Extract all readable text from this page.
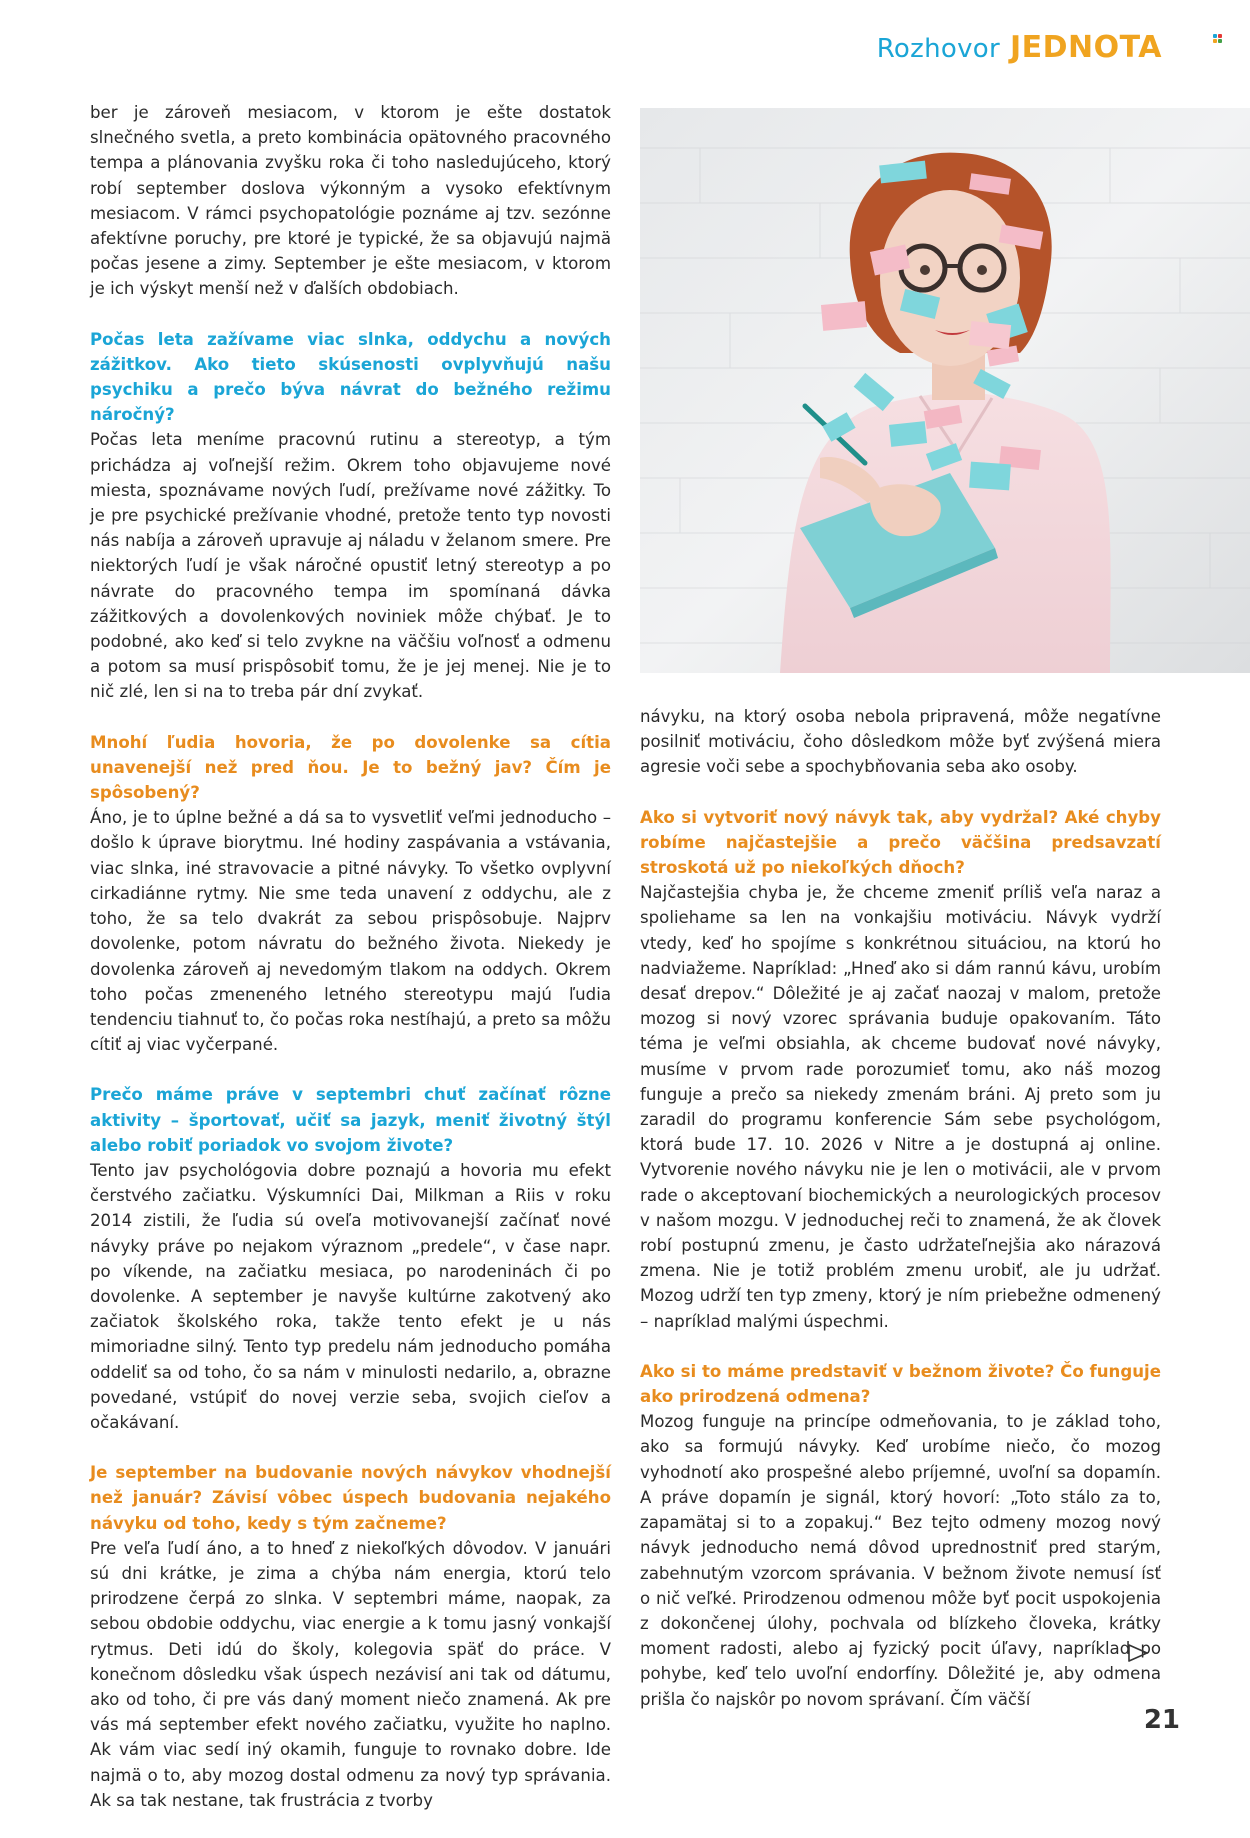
Rozhovor JEDNOTA

ber je zároveň mesiacom, v ktorom je ešte dostatok slnečného svetla, a preto kombinácia opätovného pracovného tempa a plánovania zvyšku roka či toho nasledujúceho, ktorý robí september doslova výkonným a vysoko efektívnym mesiacom. V rámci psychopatológie poznáme aj tzv. sezónne afektívne poruchy, pre ktoré je typické, že sa objavujú najmä počas jesene a zimy. September je ešte mesiacom, v ktorom je ich výskyt menší než v ďalších obdobiach.

Počas leta zažívame viac slnka, oddychu a nových zážitkov. Ako tieto skúsenosti ovplyvňujú našu psychiku a prečo býva návrat do bežného režimu náročný?

Počas leta meníme pracovnú rutinu a stereotyp, a tým prichádza aj voľnejší režim. Okrem toho objavujeme nové miesta, spoznávame nových ľudí, prežívame nové zážitky. To je pre psychické prežívanie vhodné, pretože tento typ novosti nás nabíja a zároveň upravuje aj náladu v želanom smere. Pre niektorých ľudí je však náročné opustiť letný stereotyp a po návrate do pracovného tempa im spomínaná dávka zážitkových a dovolenkových noviniek môže chýbať. Je to podobné, ako keď si telo zvykne na väčšiu voľnosť a odmenu a potom sa musí prispôsobiť tomu, že je jej menej. Nie je to nič zlé, len si na to treba pár dní zvykať.

Mnohí ľudia hovoria, že po dovolenke sa cítia unavenejší než pred ňou. Je to bežný jav? Čím je spôsobený?

Áno, je to úplne bežné a dá sa to vysvetliť veľmi jednoducho – došlo k úprave biorytmu. Iné hodiny zaspávania a vstávania, viac slnka, iné stravovacie a pitné návyky. To všetko ovplyvní cirkadiánne rytmy. Nie sme teda unavení z oddychu, ale z toho, že sa telo dvakrát za sebou prispôsobuje. Najprv dovolenke, potom návratu do bežného života. Niekedy je dovolenka zároveň aj nevedomým tlakom na oddych. Okrem toho počas zmeneného letného stereotypu majú ľudia tendenciu tiahnuť to, čo počas roka nestíhajú, a preto sa môžu cítiť aj viac vyčerpané.

Prečo máme práve v septembri chuť začínať rôzne aktivity – športovať, učiť sa jazyk, meniť životný štýl alebo robiť poriadok vo svojom živote?

Tento jav psychológovia dobre poznajú a hovoria mu efekt čerstvého začiatku. Výskumníci Dai, Milkman a Riis v roku 2014 zistili, že ľudia sú oveľa motivovanejší začínať nové návyky práve po nejakom výraznom „predele“, v čase napr. po víkende, na začiatku mesiaca, po narodeninách či po dovolenke. A september je navyše kultúrne zakotvený ako začiatok školského roka, takže tento efekt je u nás mimoriadne silný. Tento typ predelu nám jednoducho pomáha oddeliť sa od toho, čo sa nám v minulosti nedarilo, a, obrazne povedané, vstúpiť do novej verzie seba, svojich cieľov a očakávaní.

Je september na budovanie nových návykov vhodnejší než január? Závisí vôbec úspech budovania nejakého návyku od toho, kedy s tým začneme?

Pre veľa ľudí áno, a to hneď z niekoľkých dôvodov. V januári sú dni krátke, je zima a chýba nám energia, ktorú telo prirodzene čerpá zo slnka. V septembri máme, naopak, za sebou obdobie oddychu, viac energie a k tomu jasný vonkajší rytmus. Deti idú do školy, kolegovia späť do práce. V konečnom dôsledku však úspech nezávisí ani tak od dátumu, ako od toho, či pre vás daný moment niečo znamená. Ak pre vás má september efekt nového začiatku, využite ho naplno. Ak vám viac sedí iný okamih, funguje to rovnako dobre. Ide najmä o to, aby mozog dostal odmenu za nový typ správania. Ak sa tak nestane, tak frustrácia z tvorby

návyku, na ktorý osoba nebola pripravená, môže negatívne posilniť motiváciu, čoho dôsledkom môže byť zvýšená miera agresie voči sebe a spochybňovania seba ako osoby.

Ako si vytvoriť nový návyk tak, aby vydržal? Aké chyby robíme najčastejšie a prečo väčšina predsavzatí stroskotá už po niekoľkých dňoch?

Najčastejšia chyba je, že chceme zmeniť príliš veľa naraz a spoliehame sa len na vonkajšiu motiváciu. Návyk vydrží vtedy, keď ho spojíme s konkrétnou situáciou, na ktorú ho nadviažeme. Napríklad: „Hneď ako si dám rannú kávu, urobím desať drepov.“ Dôležité je aj začať naozaj v malom, pretože mozog si nový vzorec správania buduje opakovaním. Táto téma je veľmi obsiahla, ak chceme budovať nové návyky, musíme v prvom rade porozumieť tomu, ako náš mozog funguje a prečo sa niekedy zmenám bráni. Aj preto som ju zaradil do programu konferencie Sám sebe psychológom, ktorá bude 17. 10. 2026 v Nitre a je dostupná aj online. Vytvorenie nového návyku nie je len o motivácii, ale v prvom rade o akceptovaní biochemických a neurologických procesov v našom mozgu. V jednoduchej reči to znamená, že ak človek robí postupnú zmenu, je často udržateľnejšia ako nárazová zmena. Nie je totiž problém zmenu urobiť, ale ju udržať. Mozog udrží ten typ zmeny, ktorý je ním priebežne odmenený – napríklad malými úspechmi.

Ako si to máme predstaviť v bežnom živote? Čo funguje ako prirodzená odmena?

Mozog funguje na princípe odmeňovania, to je základ toho, ako sa formujú návyky. Keď urobíme niečo, čo mozog vyhodnotí ako prospešné alebo príjemné, uvoľní sa dopamín. A práve dopamín je signál, ktorý hovorí: „Toto stálo za to, zapamätaj si to a zopakuj.“ Bez tejto odmeny mozog nový návyk jednoducho nemá dôvod uprednostniť pred starým, zabehnutým vzorcom správania. V bežnom živote nemusí ísť o nič veľké. Prirodzenou odmenou môže byť pocit uspokojenia z dokončenej úlohy, pochvala od blízkeho človeka, krátky moment radosti, alebo aj fyzický pocit úľavy, napríklad po pohybe, keď telo uvoľní endorfíny. Dôležité je, aby odmena prišla čo najskôr po novom správaní. Čím väčší

21
